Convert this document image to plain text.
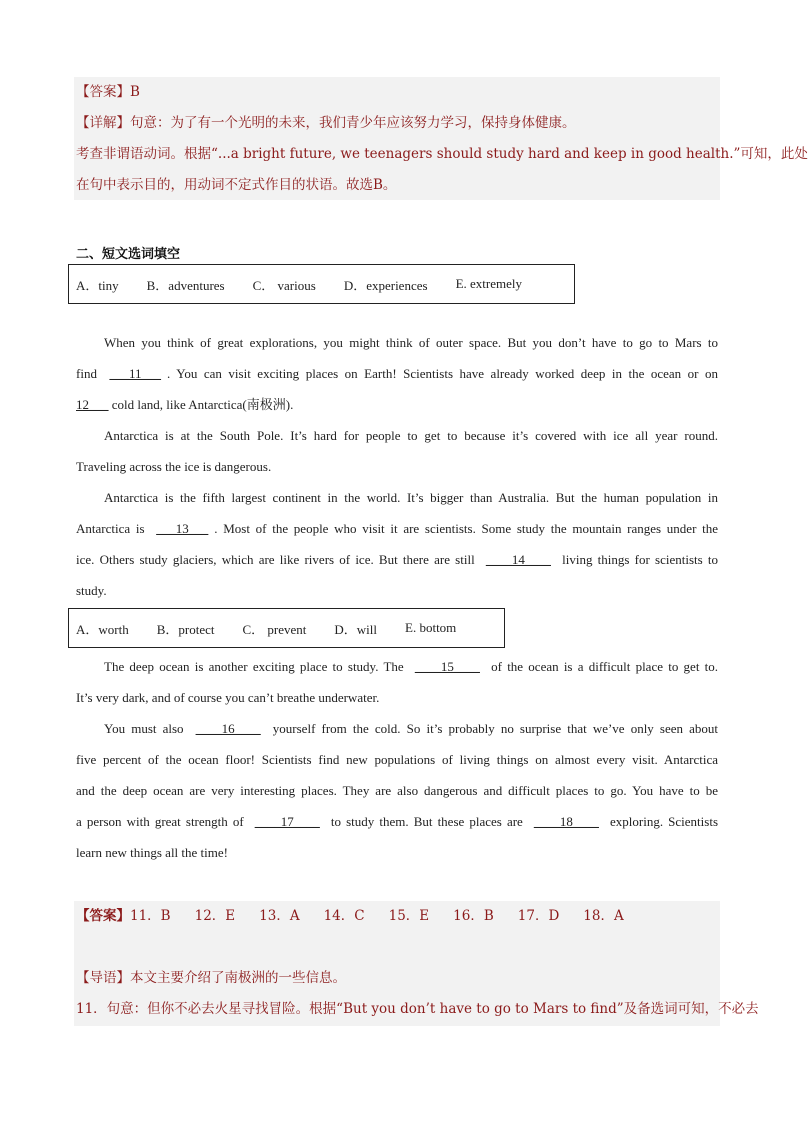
【答案】B
【详解】句意：为了有一个光明的未来，我们青少年应该努力学习，保持身体健康。
考查非谓语动词。根据“...a bright future, we teenagers should study hard and keep in good health.”可知，此处
在句中表示目的，用动词不定式作目的状语。故选B。
二、短文选词填空
A．tiny B．adventures C． various D．experiences E. extremely
When you think of great explorations, you might think of outer space. But you don’t have to go to Mars to
find ___11___ . You can visit exciting places on Earth! Scientists have already worked deep in the ocean or on
12___ cold land, like Antarctica(南极洲).
Antarctica is at the South Pole. It’s hard for people to get to because it’s covered with ice all year round.
Traveling across the ice is dangerous.
Antarctica is the fifth largest continent in the world. It’s bigger than Australia. But the human population in
Antarctica is ___13___ . Most of the people who visit it are scientists. Some study the mountain ranges under the
ice. Others study glaciers, which are like rivers of ice. But there are still ____14____ living things for scientists to
study.
A．worth B．protect C． prevent D．will E. bottom
The deep ocean is another exciting place to study. The ____15____ of the ocean is a difficult place to get to.
It’s very dark, and of course you can’t breathe underwater.
You must also ____16____ yourself from the cold. So it’s probably no surprise that we’ve only seen about
five percent of the ocean floor! Scientists find new populations of living things on almost every visit. Antarctica
and the deep ocean are very interesting places. They are also dangerous and difficult places to go. You have to be
a person with great strength of ____17____ to study them. But these places are ____18____ exploring. Scientists
learn new things all the time!
【答案】 11．B 12．E 13．A 14．C 15．E 16．B 17．D 18．A
【导语】本文主要介绍了南极洲的一些信息。
11．句意：但你不必去火星寻找冒险。根据“But you don’t have to go to Mars to find”及备选词可知，不必去
